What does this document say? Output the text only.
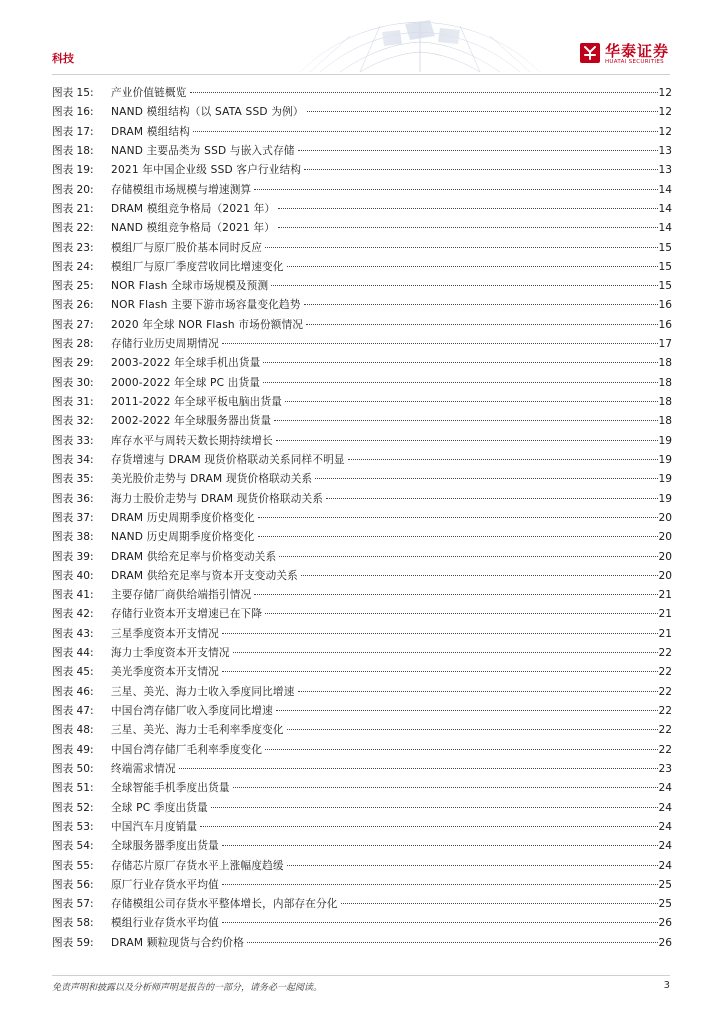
科技	华泰证券
HUATAI SECURITIES
图表 15:	产业价值链概览	12
图表 16:	NAND 模组结构（以 SATA SSD 为例）	12
图表 17:	DRAM 模组结构	12
图表 18:	NAND 主要品类为 SSD 与嵌入式存储	13
图表 19:	2021 年中国企业级 SSD 客户行业结构	13
图表 20:	存储模组市场规模与增速测算	14
图表 21:	DRAM 模组竞争格局（2021 年）	14
图表 22:	NAND 模组竞争格局（2021 年）	14
图表 23:	模组厂与原厂股价基本同时反应	15
图表 24:	模组厂与原厂季度营收同比增速变化	15
图表 25:	NOR Flash 全球市场规模及预测	15
图表 26:	NOR Flash 主要下游市场容量变化趋势	16
图表 27:	2020 年全球 NOR Flash 市场份额情况	16
图表 28:	存储行业历史周期情况	17
图表 29:	2003-2022 年全球手机出货量	18
图表 30:	2000-2022 年全球 PC 出货量	18
图表 31:	2011-2022 年全球平板电脑出货量	18
图表 32:	2002-2022 年全球服务器出货量	18
图表 33:	库存水平与周转天数长期持续增长	19
图表 34:	存货增速与 DRAM 现货价格联动关系同样不明显	19
图表 35:	美光股价走势与 DRAM 现货价格联动关系	19
图表 36:	海力士股价走势与 DRAM 现货价格联动关系	19
图表 37:	DRAM 历史周期季度价格变化	20
图表 38:	NAND 历史周期季度价格变化	20
图表 39:	DRAM 供给充足率与价格变动关系	20
图表 40:	DRAM 供给充足率与资本开支变动关系	20
图表 41:	主要存储厂商供给端指引情况	21
图表 42:	存储行业资本开支增速已在下降	21
图表 43:	三星季度资本开支情况	21
图表 44:	海力士季度资本开支情况	22
图表 45:	美光季度资本开支情况	22
图表 46:	三星、美光、海力士收入季度同比增速	22
图表 47:	中国台湾存储厂收入季度同比增速	22
图表 48:	三星、美光、海力士毛利率季度变化	22
图表 49:	中国台湾存储厂毛利率季度变化	22
图表 50:	终端需求情况	23
图表 51:	全球智能手机季度出货量	24
图表 52:	全球 PC 季度出货量	24
图表 53:	中国汽车月度销量	24
图表 54:	全球服务器季度出货量	24
图表 55:	存储芯片原厂存货水平上涨幅度趋缓	24
图表 56:	原厂行业存货水平均值	25
图表 57:	存储模组公司存货水平整体增长，内部存在分化	25
图表 58:	模组行业存货水平均值	26
图表 59:	DRAM 颗粒现货与合约价格	26
免责声明和披露以及分析师声明是报告的一部分，请务必一起阅读。	3
